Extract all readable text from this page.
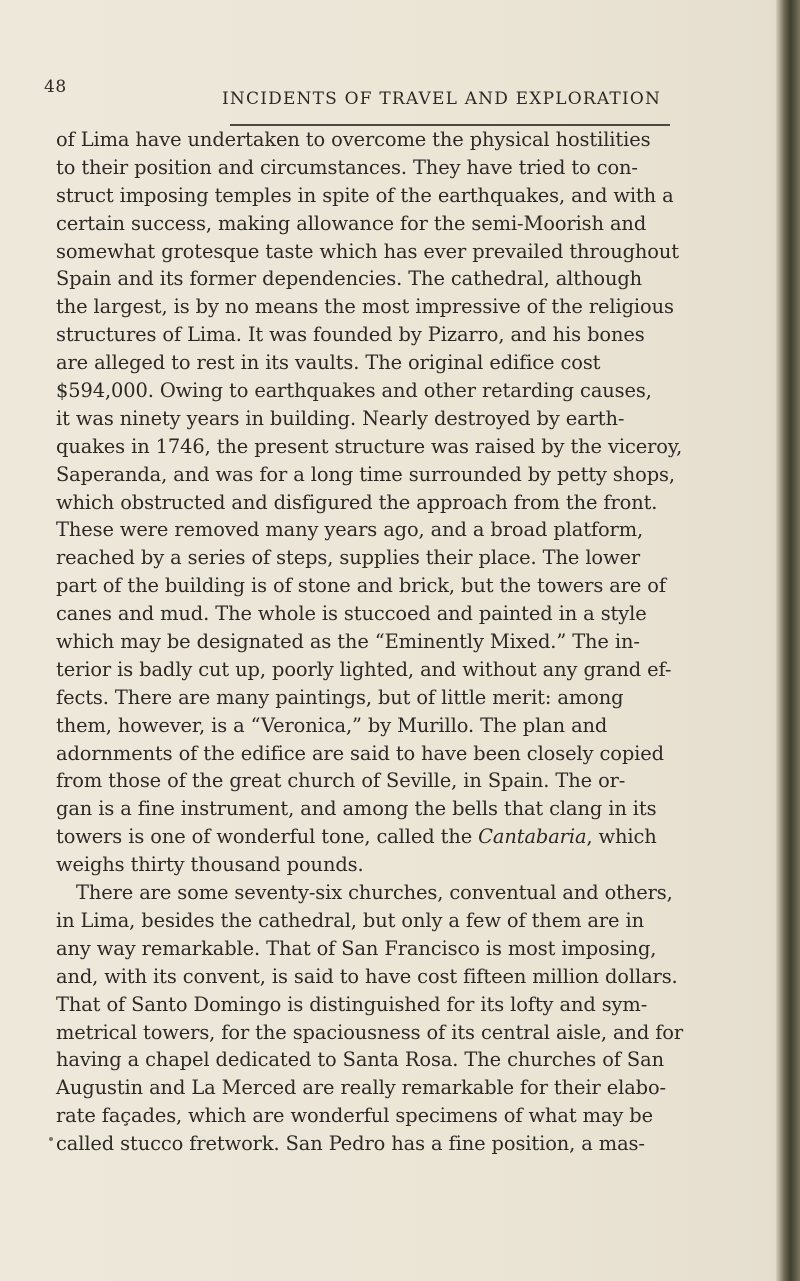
48
INCIDENTS OF TRAVEL AND EXPLORATION
of Lima have undertaken to overcome the physical hostilities
to their position and circumstances. They have tried to con-
struct imposing temples in spite of the earthquakes, and with a
certain success, making allowance for the semi-Moorish and
somewhat grotesque taste which has ever prevailed throughout
Spain and its former dependencies. The cathedral, although
the largest, is by no means the most impressive of the religious
structures of Lima. It was founded by Pizarro, and his bones
are alleged to rest in its vaults. The original edifice cost
$594,000. Owing to earthquakes and other retarding causes,
it was ninety years in building. Nearly destroyed by earth-
quakes in 1746, the present structure was raised by the viceroy,
Saperanda, and was for a long time surrounded by petty shops,
which obstructed and disfigured the approach from the front.
These were removed many years ago, and a broad platform,
reached by a series of steps, supplies their place. The lower
part of the building is of stone and brick, but the towers are of
canes and mud. The whole is stuccoed and painted in a style
which may be designated as the “Eminently Mixed.” The in-
terior is badly cut up, poorly lighted, and without any grand ef-
fects. There are many paintings, but of little merit: among
them, however, is a “Veronica,” by Murillo. The plan and
adornments of the edifice are said to have been closely copied
from those of the great church of Seville, in Spain. The or-
gan is a fine instrument, and among the bells that clang in its
towers is one of wonderful tone, called the Cantabaria, which
weighs thirty thousand pounds.
There are some seventy-six churches, conventual and others,
in Lima, besides the cathedral, but only a few of them are in
any way remarkable. That of San Francisco is most imposing,
and, with its convent, is said to have cost fifteen million dollars.
That of Santo Domingo is distinguished for its lofty and sym-
metrical towers, for the spaciousness of its central aisle, and for
having a chapel dedicated to Santa Rosa. The churches of San
Augustin and La Merced are really remarkable for their elabo-
rate façades, which are wonderful specimens of what may be
called stucco fretwork. San Pedro has a fine position, a mas-
